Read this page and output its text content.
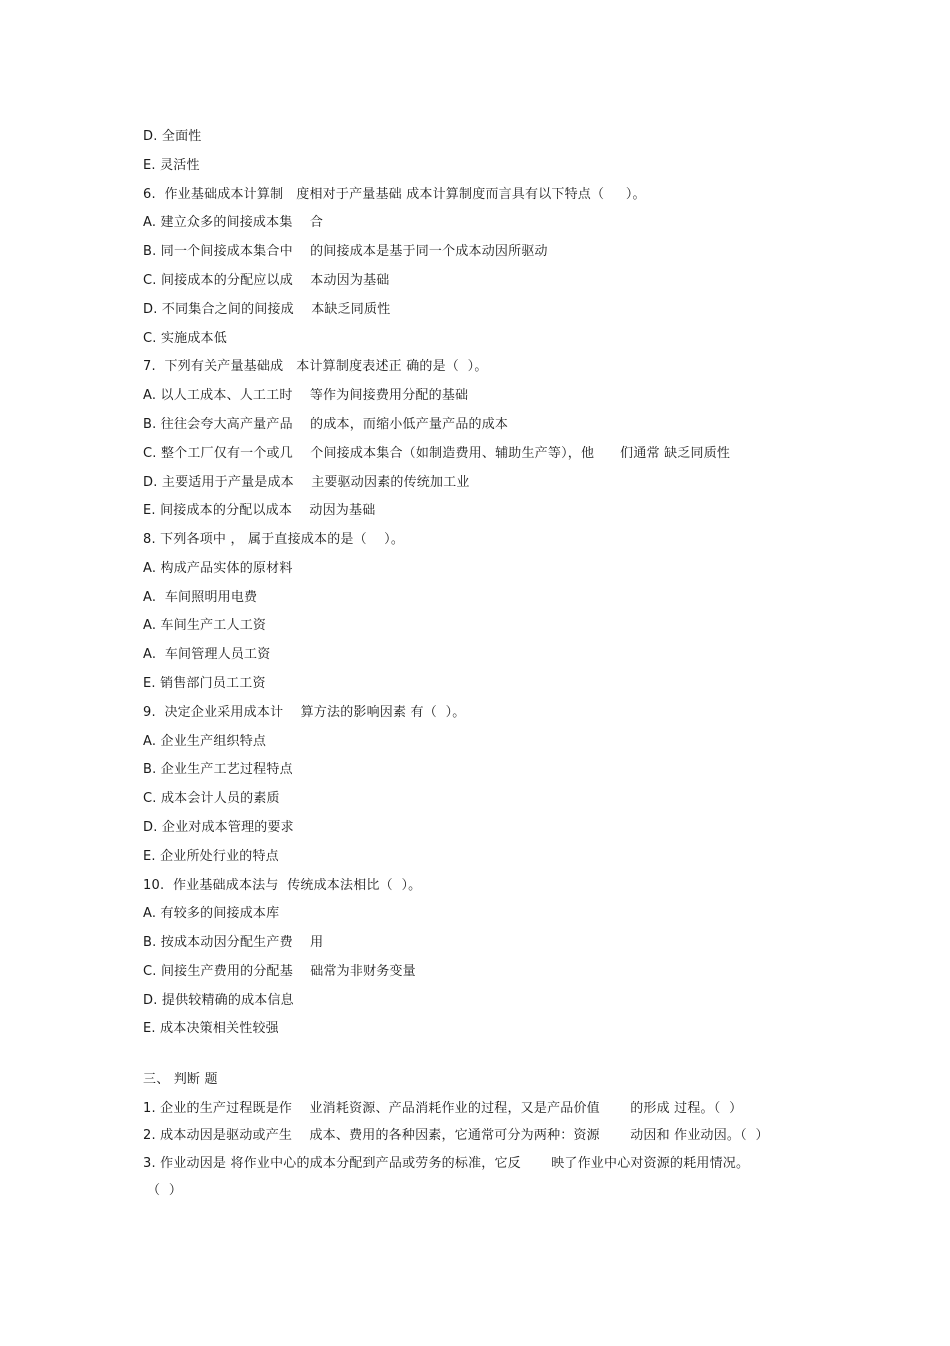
D. 全面性
E. 灵活性
6.  作业基础成本计算制   度相对于产量基础 成本计算制度而言具有以下特点（     ）。
A. 建立众多的间接成本集    合
B. 同一个间接成本集合中    的间接成本是基于同一个成本动因所驱动
C. 间接成本的分配应以成    本动因为基础
D. 不同集合之间的间接成    本缺乏同质性
C. 实施成本低
7.  下列有关产量基础成   本计算制度表述正 确的是（  ）。
A. 以人工成本、人工工时    等作为间接费用分配的基础
B. 往往会夸大高产量产品    的成本，而缩小低产量产品的成本
C. 整个工厂仅有一个或几    个间接成本集合（如制造费用、辅助生产等），他      们通常 缺乏同质性
D. 主要适用于产量是成本    主要驱动因素的传统加工业
E. 间接成本的分配以成本    动因为基础
8. 下列各项中 ， 属于直接成本的是（    ）。
A. 构成产品实体的原材料
A.  车间照明用电费
A. 车间生产工人工资
A.  车间管理人员工资
E. 销售部门员工工资
9.  决定企业采用成本计    算方法的影响因素 有（  ）。
A. 企业生产组织特点
B. 企业生产工艺过程特点
C. 成本会计人员的素质
D. 企业对成本管理的要求
E. 企业所处行业的特点
10.  作业基础成本法与  传统成本法相比（  ）。
A. 有较多的间接成本库
B. 按成本动因分配生产费    用
C. 间接生产费用的分配基    础常为非财务变量
D. 提供较精确的成本信息
E. 成本决策相关性较强
三、 判断 题
1. 企业的生产过程既是作    业消耗资源、产品消耗作业的过程，又是产品价值       的形成 过程。（  ）
2. 成本动因是驱动或产生    成本、费用的各种因素，它通常可分为两种：资源       动因和 作业动因。（  ）
3. 作业动因是 将作业中心的成本分配到产品或劳务的标准，它反       映了作业中心对资源的耗用情况。
（  ）
